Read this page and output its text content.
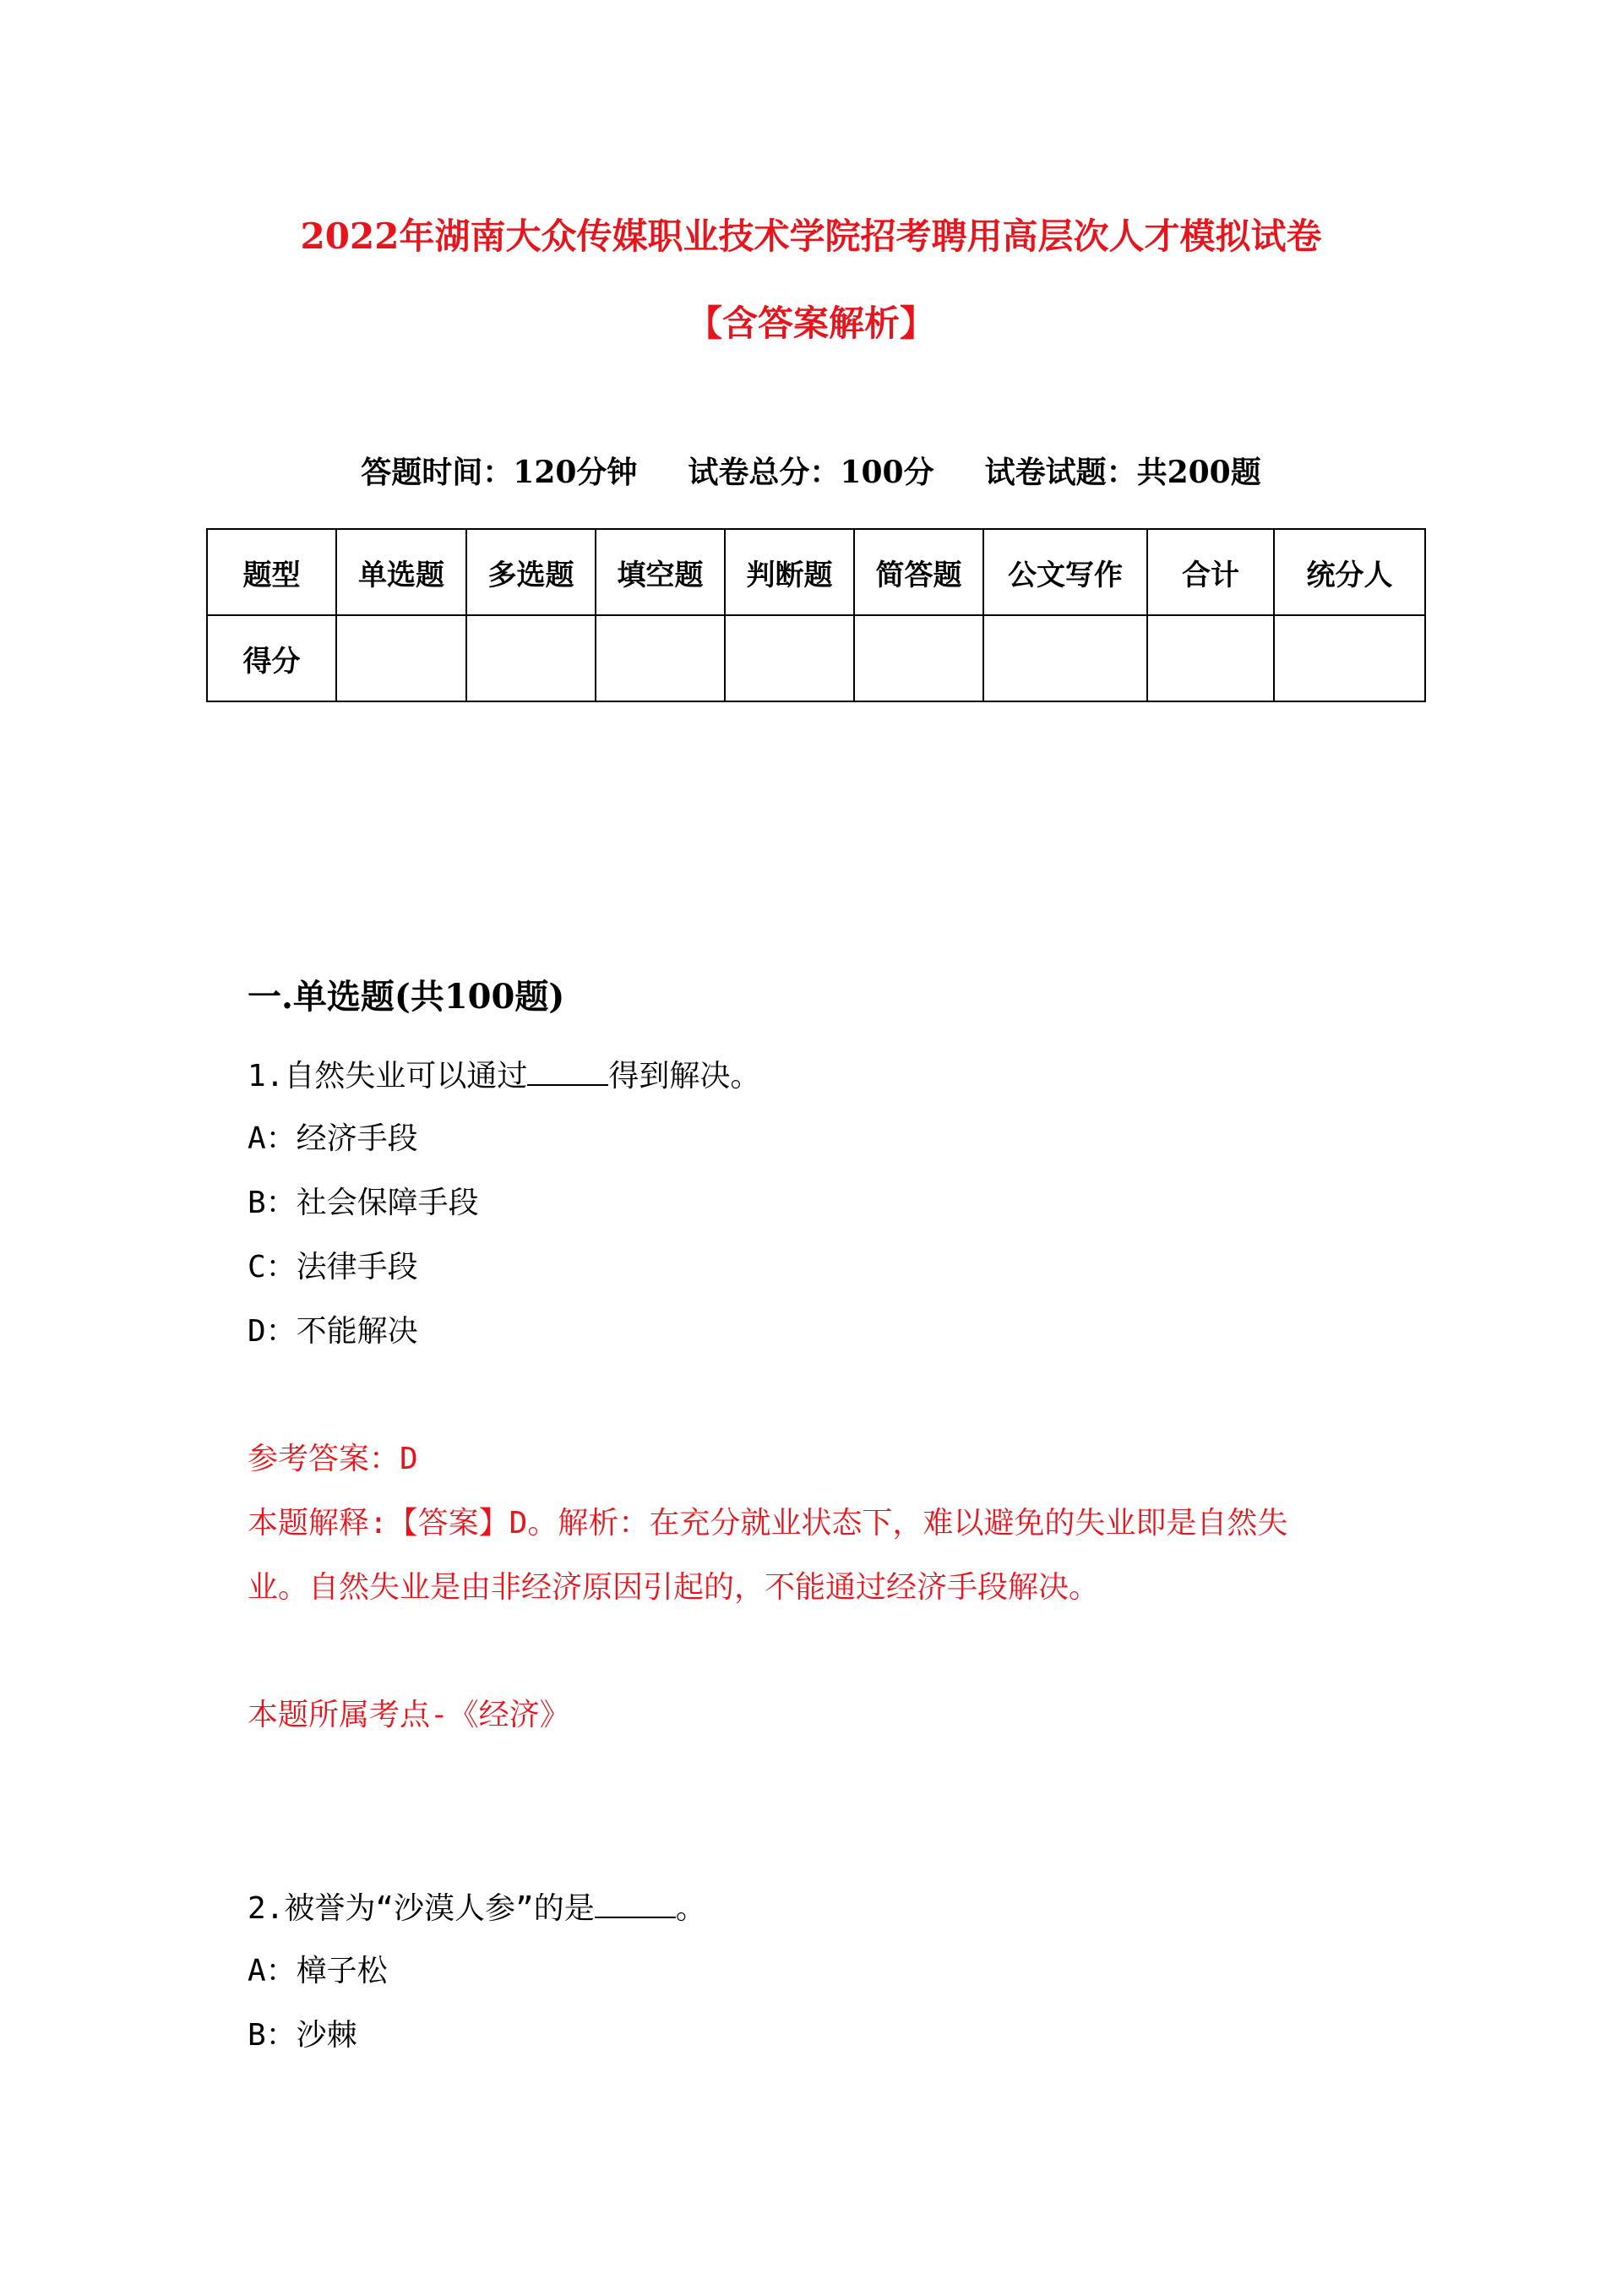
2022年湖南大众传媒职业技术学院招考聘用高层次人才模拟试卷
【含答案解析】
答题时间：120分钟 试卷总分：100分 试卷试题：共200题
题型	单选题	多选题	填空题	判断题	简答题	公文写作	合计	统分人
得分								
一.单选题(共100题)
1.自然失业可以通过	得到解决。
A：经济手段
B：社会保障手段
C：法律手段
D：不能解决
参考答案：D
本题解释:【答案】D。解析：在充分就业状态下，难以避免的失业即是自然失
业。自然失业是由非经济原因引起的，不能通过经济手段解决。
本题所属考点-《经济》
2.被誉为“沙漠人参”的是	。
A：樟子松
B：沙棘
